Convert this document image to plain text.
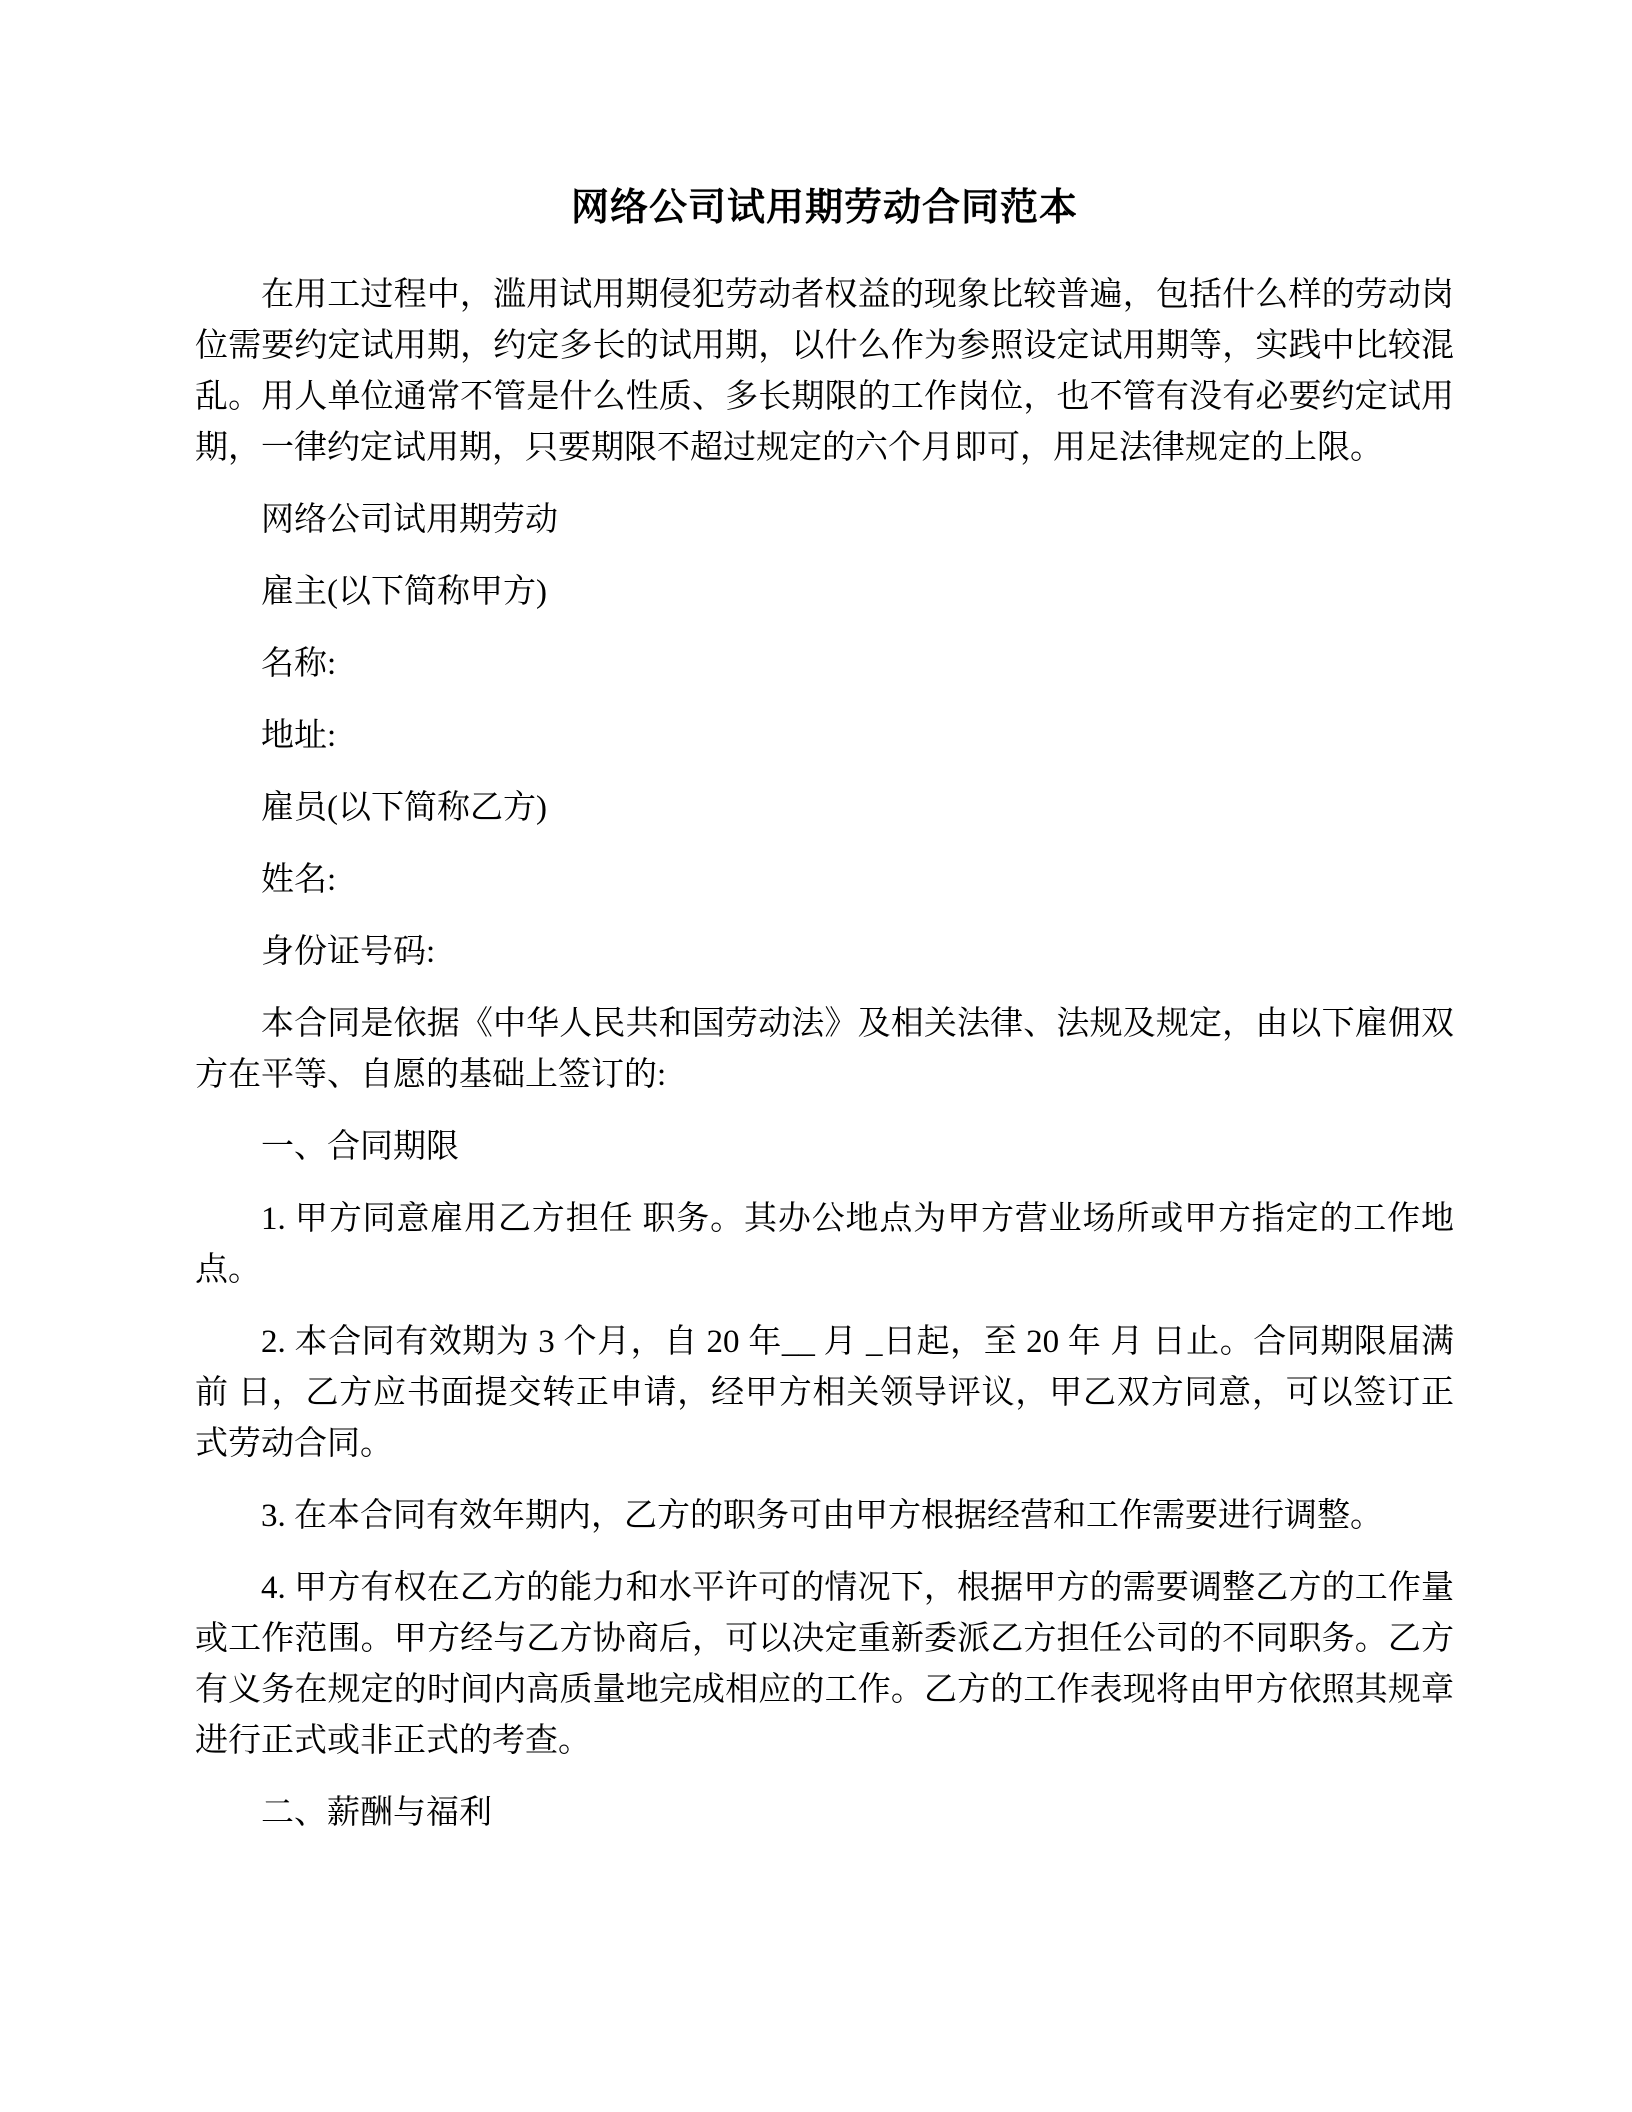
网络公司试用期劳动合同范本

在用工过程中，滥用试用期侵犯劳动者权益的现象比较普遍，包括什么样的劳动岗位需要约定试用期，约定多长的试用期，以什么作为参照设定试用期等，实践中比较混乱。用人单位通常不管是什么性质、多长期限的工作岗位，也不管有没有必要约定试用期，一律约定试用期，只要期限不超过规定的六个月即可，用足法律规定的上限。

网络公司试用期劳动

雇主(以下简称甲方)

名称:

地址:

雇员(以下简称乙方)

姓名:

身份证号码:

本合同是依据《中华人民共和国劳动法》及相关法律、法规及规定，由以下雇佣双方在平等、自愿的基础上签订的:

一、合同期限

1. 甲方同意雇用乙方担任 职务。其办公地点为甲方营业场所或甲方指定的工作地点。

2. 本合同有效期为 3 个月，自 20 年__ 月 _日起，至 20 年 月 日止。合同期限届满前 日，乙方应书面提交转正申请，经甲方相关领导评议，甲乙双方同意，可以签订正式劳动合同。

3. 在本合同有效年期内，乙方的职务可由甲方根据经营和工作需要进行调整。

4. 甲方有权在乙方的能力和水平许可的情况下，根据甲方的需要调整乙方的工作量或工作范围。甲方经与乙方协商后，可以决定重新委派乙方担任公司的不同职务。乙方有义务在规定的时间内高质量地完成相应的工作。乙方的工作表现将由甲方依照其规章进行正式或非正式的考查。

二、薪酬与福利
